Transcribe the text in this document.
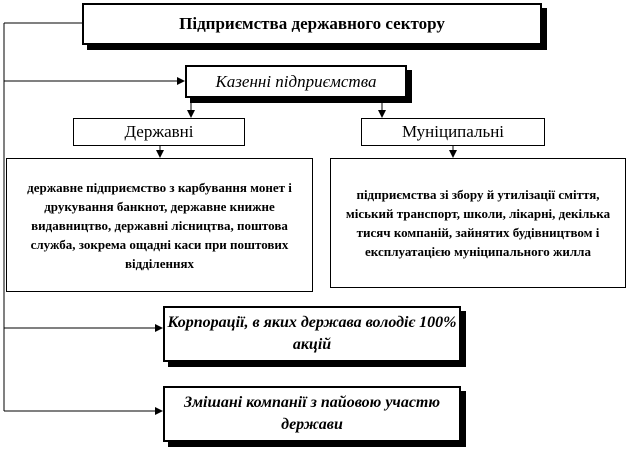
Підприємства державного сектору
Казенні підприємства
Державні	Муніципальні
державне підприємство з карбування монет і друкування банкнот, державне книжне видавництво, державні лісництва, поштова служба, зокрема ощадні каси при поштових відділеннях
підприємства зі збору й утилізації сміття, міський транспорт, школи, лікарні, декілька тисяч компаній, зайнятих будівництвом і експлуатацією муніципального жилла
Корпорації, в яких держава володіє 100% акцій
Змішані компанії з пайовою участю держави
